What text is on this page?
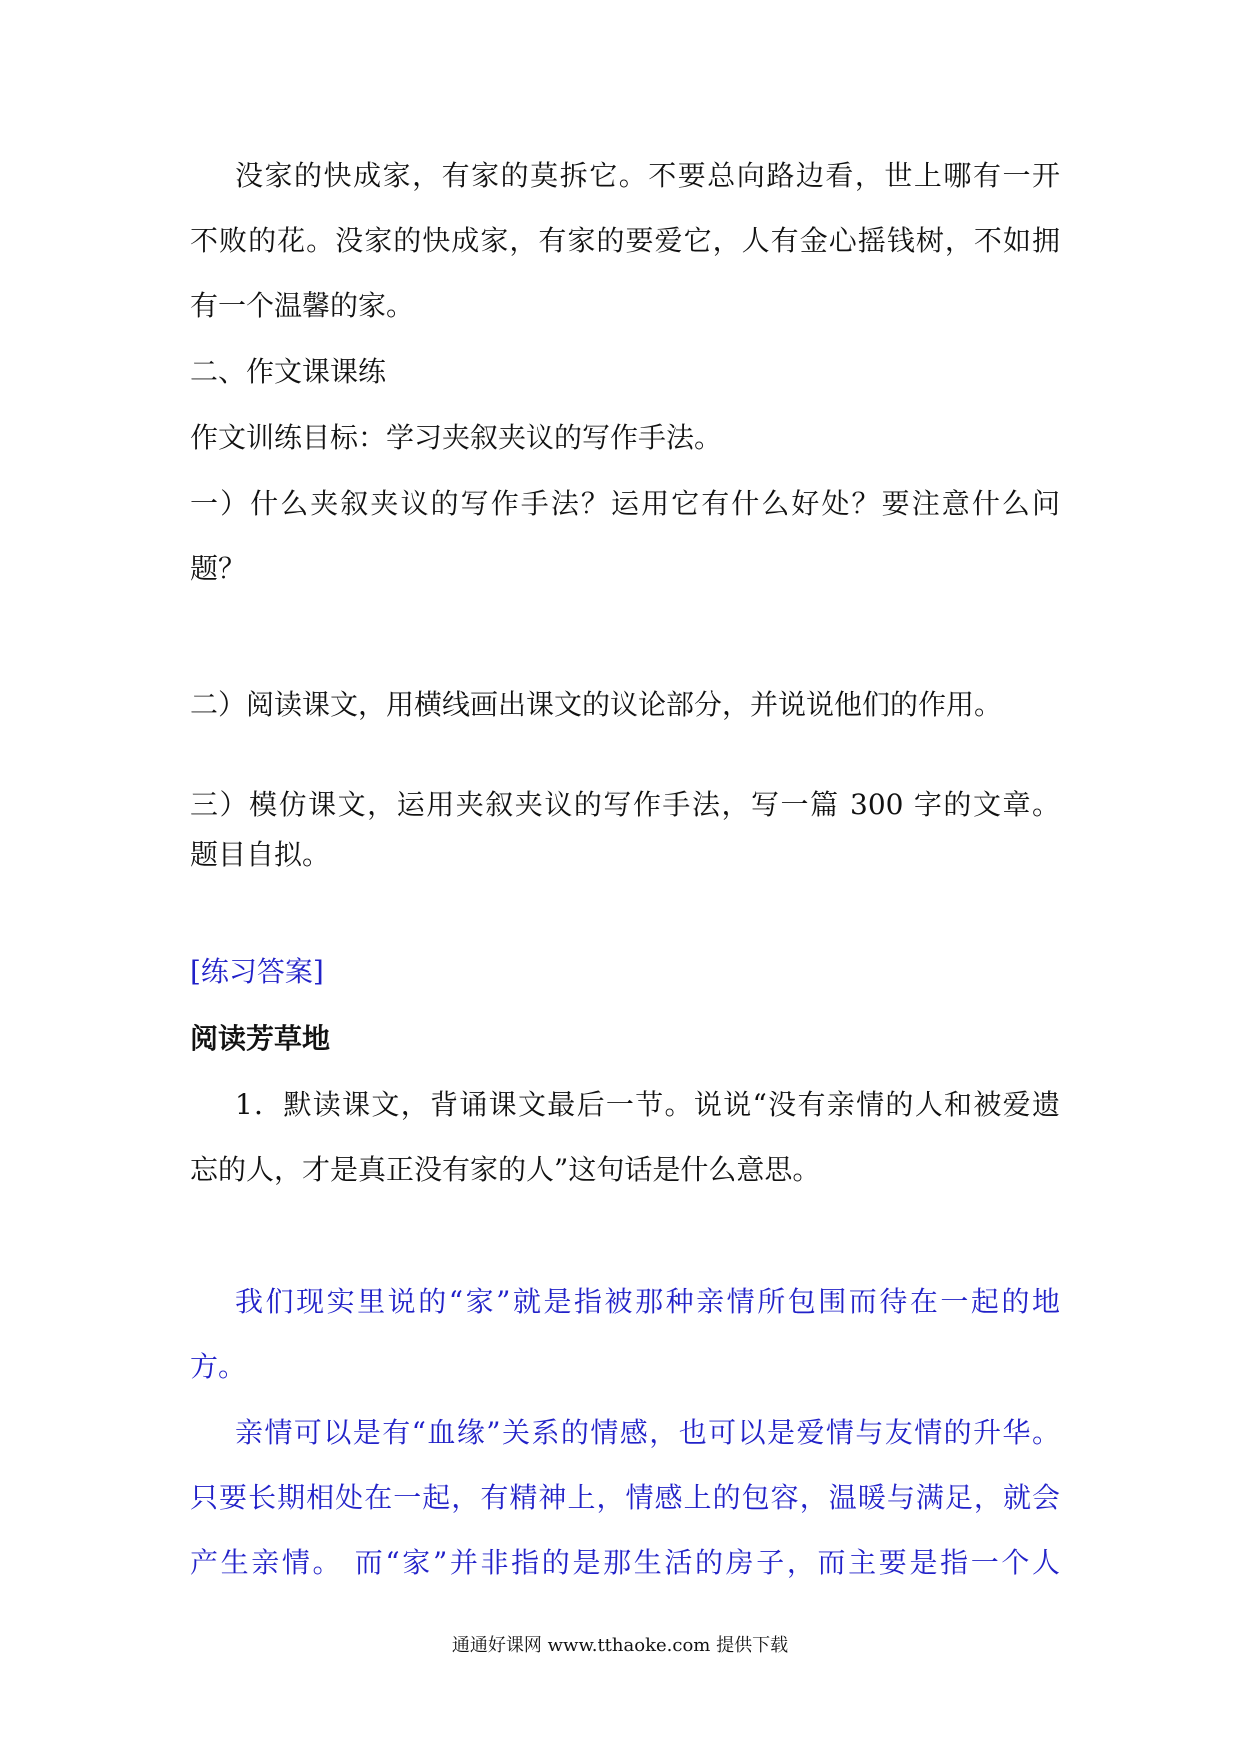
没家的快成家，有家的莫拆它。不要总向路边看，世上哪有一开
不败的花。没家的快成家，有家的要爱它，人有金心摇钱树，不如拥
有一个温馨的家。
二、作文课课练
作文训练目标：学习夹叙夹议的写作手法。
一）什么夹叙夹议的写作手法？运用它有什么好处？要注意什么问
题？
二）阅读课文，用横线画出课文的议论部分，并说说他们的作用。
三）模仿课文，运用夹叙夹议的写作手法，写一篇 300 字的文章。
题目自拟。
[练习答案]
阅读芳草地
1．默读课文，背诵课文最后一节。说说“没有亲情的人和被爱遗
忘的人，才是真正没有家的人”这句话是什么意思。
我们现实里说的“家”就是指被那种亲情所包围而待在一起的地
方。
亲情可以是有“血缘”关系的情感，也可以是爱情与友情的升华。
只要长期相处在一起，有精神上，情感上的包容，温暖与满足，就会
产生亲情。 而“家”并非指的是那生活的房子，而主要是指一个人
通通好课网 www.tthaoke.com 提供下载
